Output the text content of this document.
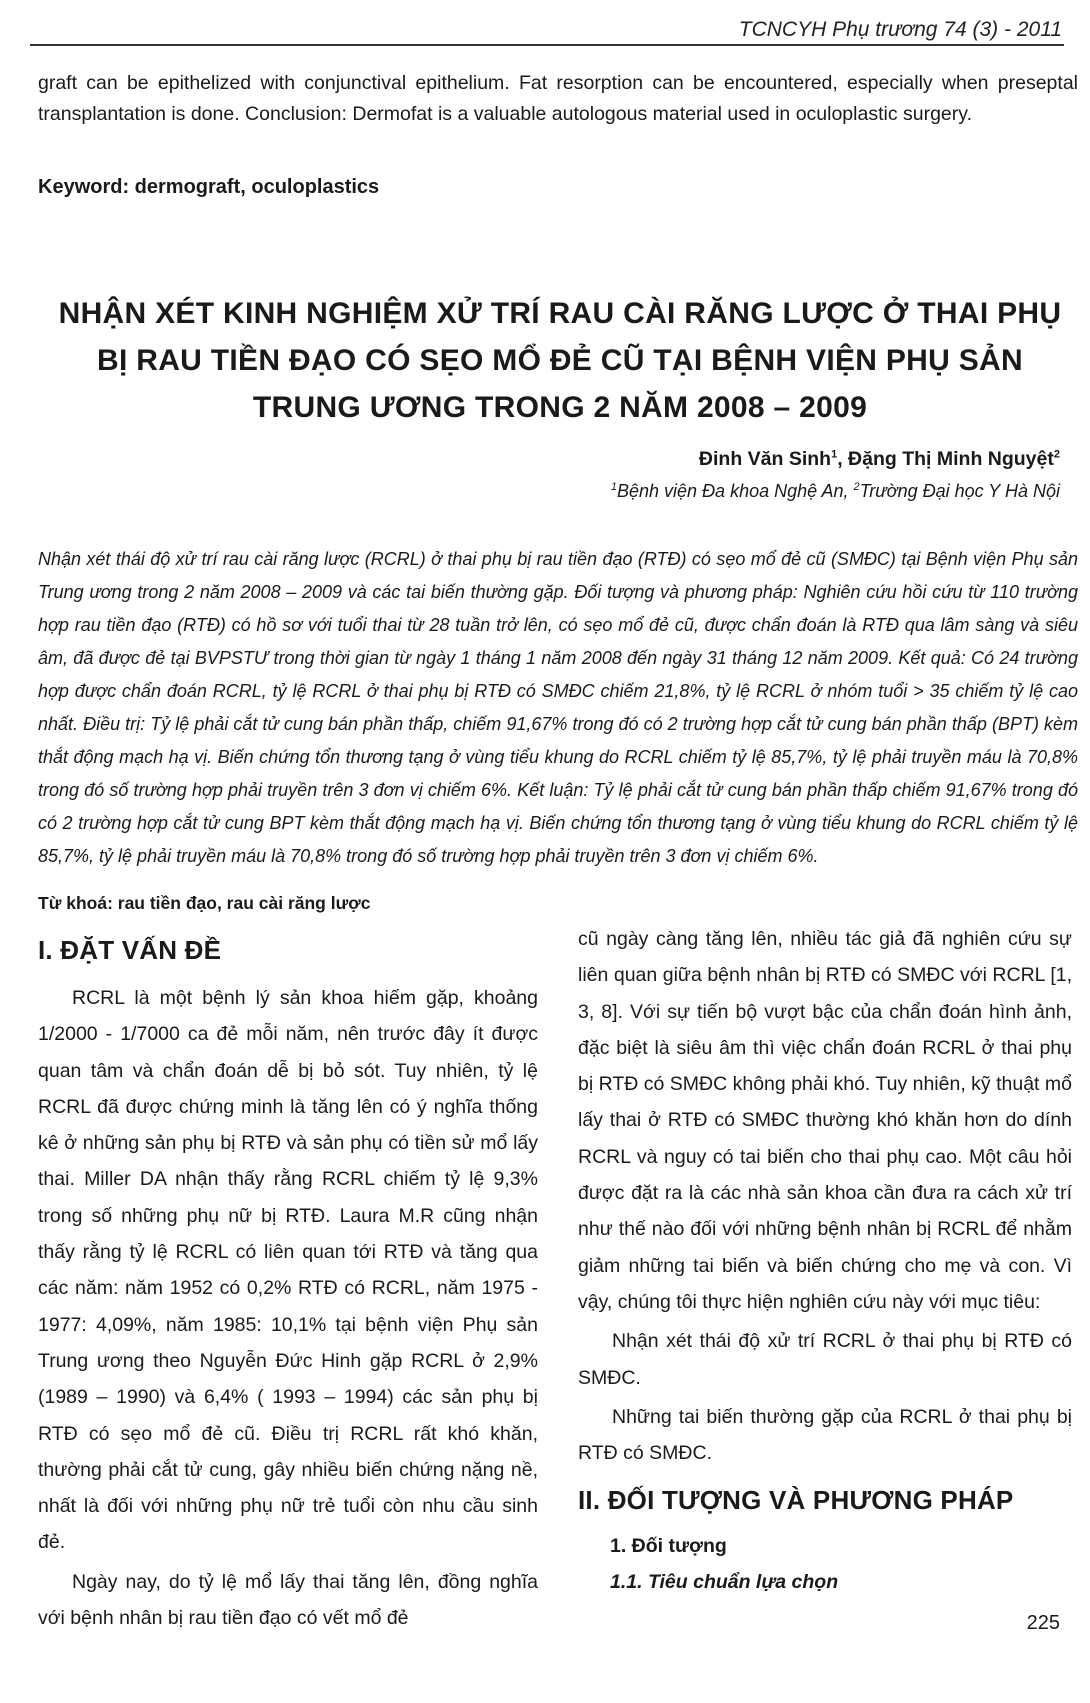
TCNCYH Phụ trương 74 (3) - 2011
graft can be epithelized with conjunctival epithelium. Fat resorption can be encountered, especially when preseptal transplantation is done. Conclusion: Dermofat is a valuable autologous material used in oculoplastic surgery.
Keyword: dermograft, oculoplastics
NHẬN XÉT KINH NGHIỆM XỬ TRÍ RAU CÀI RĂNG LƯỢC Ở THAI PHỤ
BỊ RAU TIỀN ĐẠO CÓ SẸO MỔ ĐẺ CŨ TẠI BỆNH VIỆN PHỤ SẢN
TRUNG ƯƠNG TRONG 2 NĂM 2008 – 2009
Đinh Văn Sinh$^1$, Đặng Thị Minh Nguyệt$^2$
$^1$Bệnh viện Đa khoa Nghệ An, $^2$Trường Đại học Y Hà Nội
Nhận xét thái độ xử trí rau cài răng lược (RCRL) ở thai phụ bị rau tiền đạo (RTĐ) có sẹo mổ đẻ cũ (SMĐC) tại Bệnh viện Phụ sản Trung ương trong 2 năm 2008 – 2009 và các tai biến thường gặp. Đối tượng và phương pháp: Nghiên cứu hồi cứu từ 110 trường hợp rau tiền đạo (RTĐ) có hồ sơ với tuổi thai từ 28 tuần trở lên, có sẹo mổ đẻ cũ, được chẩn đoán là RTĐ qua lâm sàng và siêu âm, đã được đẻ tại BVPSTƯ trong thời gian từ ngày 1 tháng 1 năm 2008 đến ngày 31 tháng 12 năm 2009. Kết quả: Có 24 trường hợp được chẩn đoán RCRL, tỷ lệ RCRL ở thai phụ bị RTĐ có SMĐC chiếm 21,8%, tỷ lệ RCRL ở nhóm tuổi > 35 chiếm tỷ lệ cao nhất. Điều trị: Tỷ lệ phải cắt tử cung bán phần thấp, chiếm 91,67% trong đó có 2 trường hợp cắt tử cung bán phần thấp (BPT) kèm thắt động mạch hạ vị. Biến chứng tổn thương tạng ở vùng tiểu khung do RCRL chiếm tỷ lệ 85,7%, tỷ lệ phải truyền máu là 70,8% trong đó số trường hợp phải truyền trên 3 đơn vị chiếm 6%. Kết luận: Tỷ lệ phải cắt tử cung bán phần thấp chiếm 91,67% trong đó có 2 trường hợp cắt tử cung BPT kèm thắt động mạch hạ vị. Biến chứng tổn thương tạng ở vùng tiểu khung do RCRL chiếm tỷ lệ 85,7%, tỷ lệ phải truyền máu là 70,8% trong đó số trường hợp phải truyền trên 3 đơn vị chiếm 6%.
Từ khoá: rau tiền đạo, rau cài răng lược
I. ĐẶT VẤN ĐỀ

RCRL là một bệnh lý sản khoa hiếm gặp, khoảng 1/2000 - 1/7000 ca đẻ mỗi năm, nên trước đây ít được quan tâm và chẩn đoán dễ bị bỏ sót. Tuy nhiên, tỷ lệ RCRL đã được chứng minh là tăng lên có ý nghĩa thống kê ở những sản phụ bị RTĐ và sản phụ có tiền sử mổ lấy thai. Miller DA nhận thấy rằng RCRL chiếm tỷ lệ 9,3% trong số những phụ nữ bị RTĐ. Laura M.R cũng nhận thấy rằng tỷ lệ RCRL có liên quan tới RTĐ và tăng qua các năm: năm 1952 có 0,2% RTĐ có RCRL, năm 1975 - 1977: 4,09%, năm 1985: 10,1% tại bệnh viện Phụ sản Trung ương theo Nguyễn Đức Hinh gặp RCRL ở 2,9% (1989 – 1990) và 6,4% ( 1993 – 1994) các sản phụ bị RTĐ có sẹo mổ đẻ cũ. Điều trị RCRL rất khó khăn, thường phải cắt tử cung, gây nhiều biến chứng nặng nề, nhất là đối với những phụ nữ trẻ tuổi còn nhu cầu sinh đẻ.

Ngày nay, do tỷ lệ mổ lấy thai tăng lên, đồng nghĩa với bệnh nhân bị rau tiền đạo có vết mổ đẻ

cũ ngày càng tăng lên, nhiều tác giả đã nghiên cứu sự liên quan giữa bệnh nhân bị RTĐ có SMĐC với RCRL [1, 3, 8]. Với sự tiến bộ vượt bậc của chẩn đoán hình ảnh, đặc biệt là siêu âm thì việc chẩn đoán RCRL ở thai phụ bị RTĐ có SMĐC không phải khó. Tuy nhiên, kỹ thuật mổ lấy thai ở RTĐ có SMĐC thường khó khăn hơn do dính RCRL và nguy có tai biến cho thai phụ cao. Một câu hỏi được đặt ra là các nhà sản khoa cần đưa ra cách xử trí như thế nào đối với những bệnh nhân bị RCRL để nhằm giảm những tai biến và biến chứng cho mẹ và con. Vì vậy, chúng tôi thực hiện nghiên cứu này với mục tiêu:

Nhận xét thái độ xử trí RCRL ở thai phụ bị RTĐ có SMĐC.

Những tai biến thường gặp của RCRL ở thai phụ bị RTĐ có SMĐC.

II. ĐỐI TƯỢNG VÀ PHƯƠNG PHÁP
1. Đối tượng
1.1. Tiêu chuẩn lựa chọn
225
